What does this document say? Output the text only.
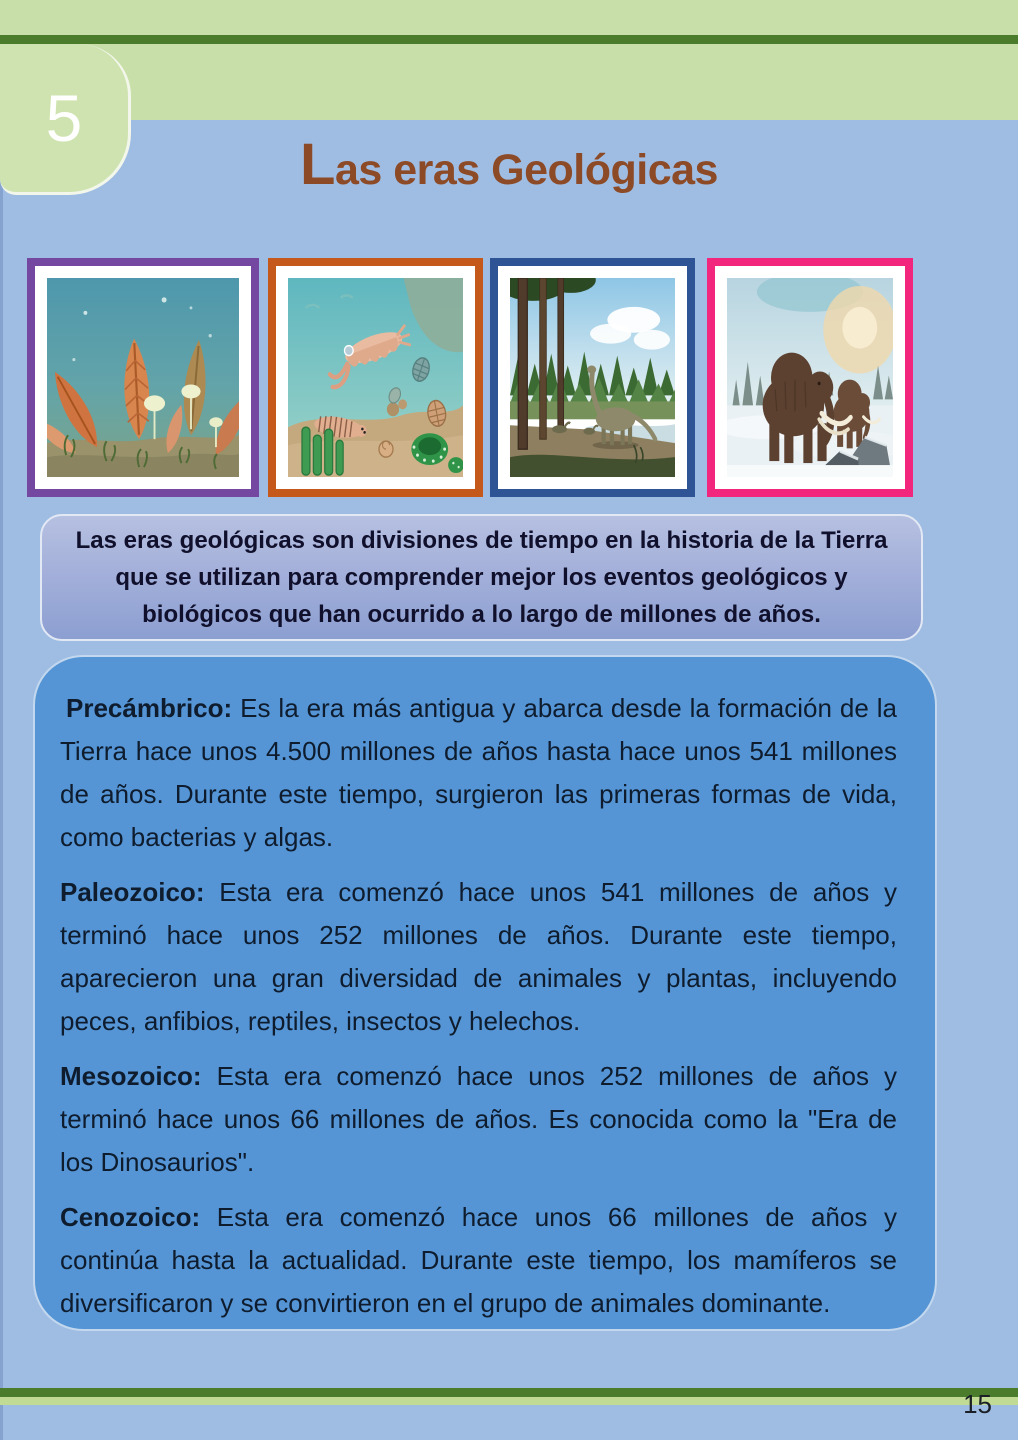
5
Las eras Geológicas
Las eras geológicas son divisiones de tiempo en la historia de la Tierra que se utilizan para comprender mejor los eventos geológicos y biológicos que han ocurrido a lo largo de millones de años.

Precámbrico: Es la era más antigua y abarca desde la formación de la Tierra hace unos 4.500 millones de años hasta hace unos 541 millones de años. Durante este tiempo, surgieron las primeras formas de vida, como bacterias y algas.

Paleozoico: Esta era comenzó hace unos 541 millones de años y terminó hace unos 252 millones de años. Durante este tiempo, aparecieron una gran diversidad de animales y plantas, incluyendo peces, anfibios, reptiles, insectos y helechos.

Mesozoico: Esta era comenzó hace unos 252 millones de años y terminó hace unos 66 millones de años. Es conocida como la "Era de los Dinosaurios".

Cenozoico: Esta era comenzó hace unos 66 millones de años y continúa hasta la actualidad. Durante este tiempo, los mamíferos se diversificaron y se convirtieron en el grupo de animales dominante.

15
